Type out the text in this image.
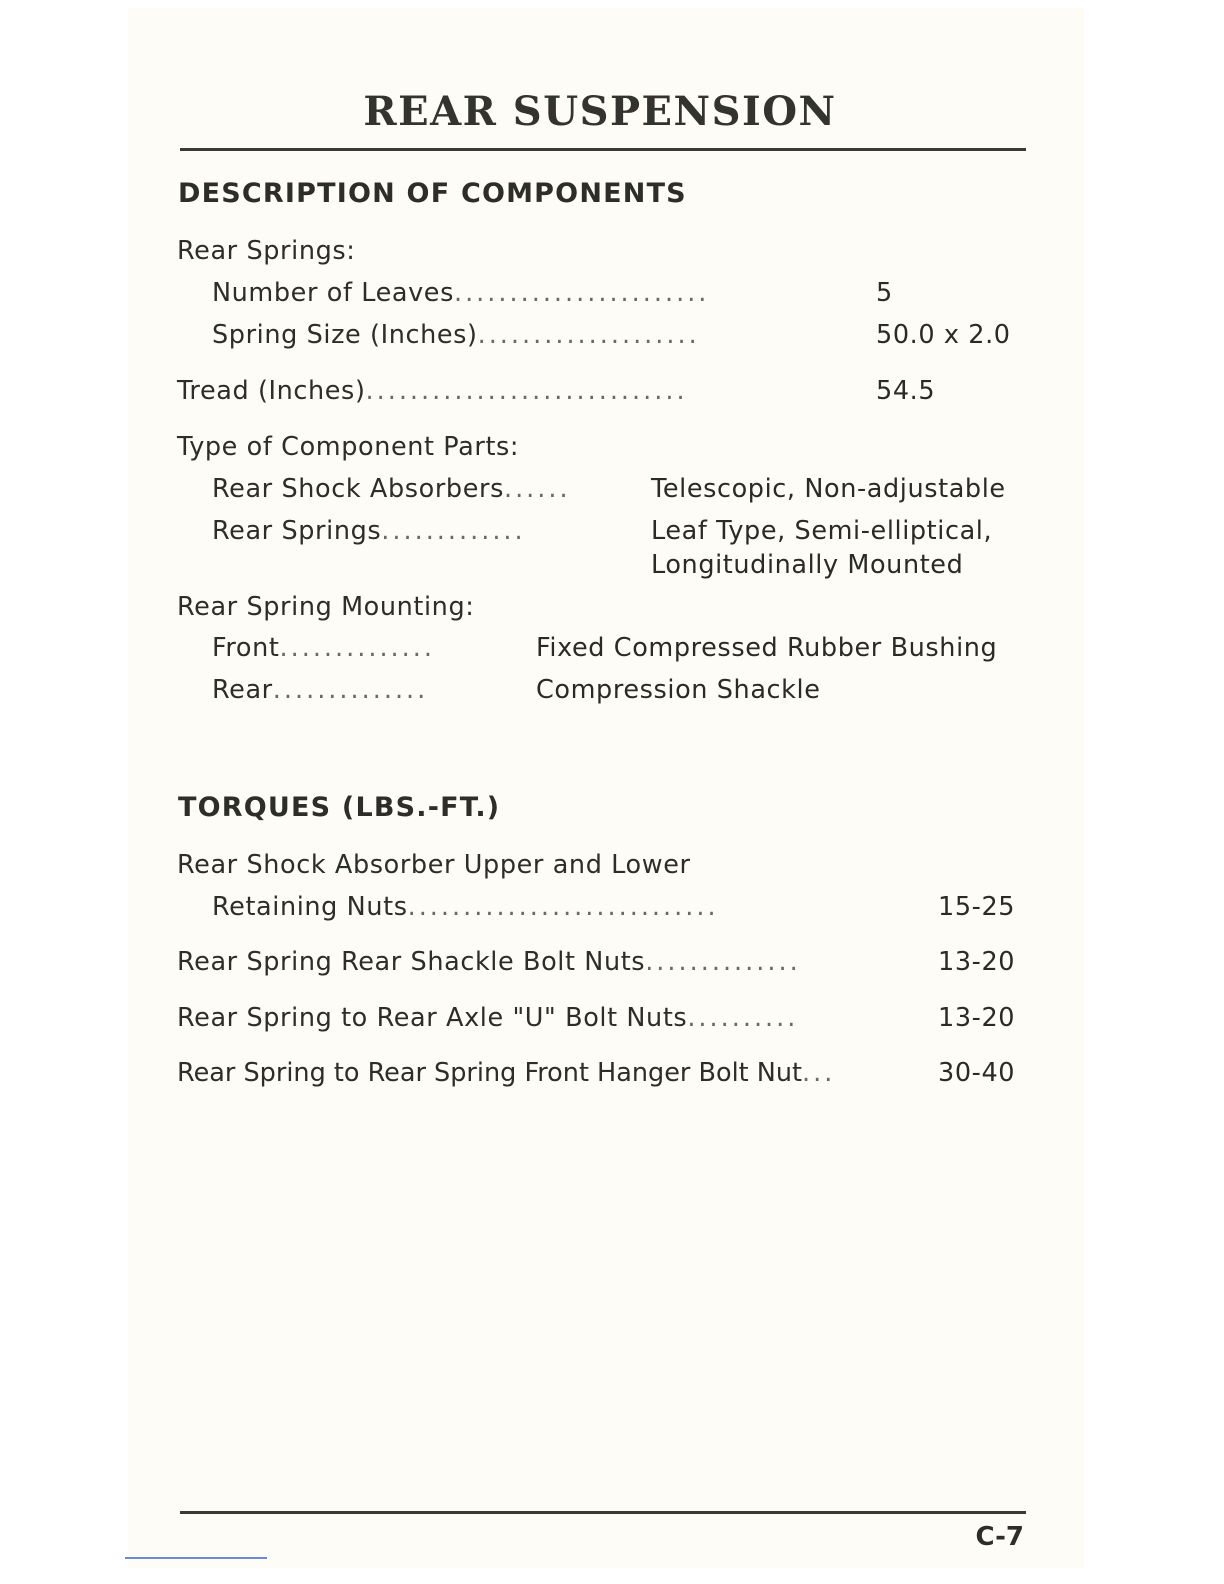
REAR SUSPENSION
DESCRIPTION OF COMPONENTS
Rear Springs:
Number of Leaves.......................	5
Spring Size (Inches)....................	50.0 x 2.0
Tread (Inches).............................	54.5
Type of Component Parts:
Rear Shock Absorbers......	Telescopic, Non-adjustable
Rear Springs.............	Leaf Type, Semi-elliptical,
Longitudinally Mounted
Rear Spring Mounting:
Front..............	Fixed Compressed Rubber Bushing
Rear..............	Compression Shackle
TORQUES (LBS.-FT.)
Rear Shock Absorber Upper and Lower
Retaining Nuts............................	15-25
Rear Spring Rear Shackle Bolt Nuts..............	13-20
Rear Spring to Rear Axle "U" Bolt Nuts..........	13-20
Rear Spring to Rear Spring Front Hanger Bolt Nut...	30-40
C-7
